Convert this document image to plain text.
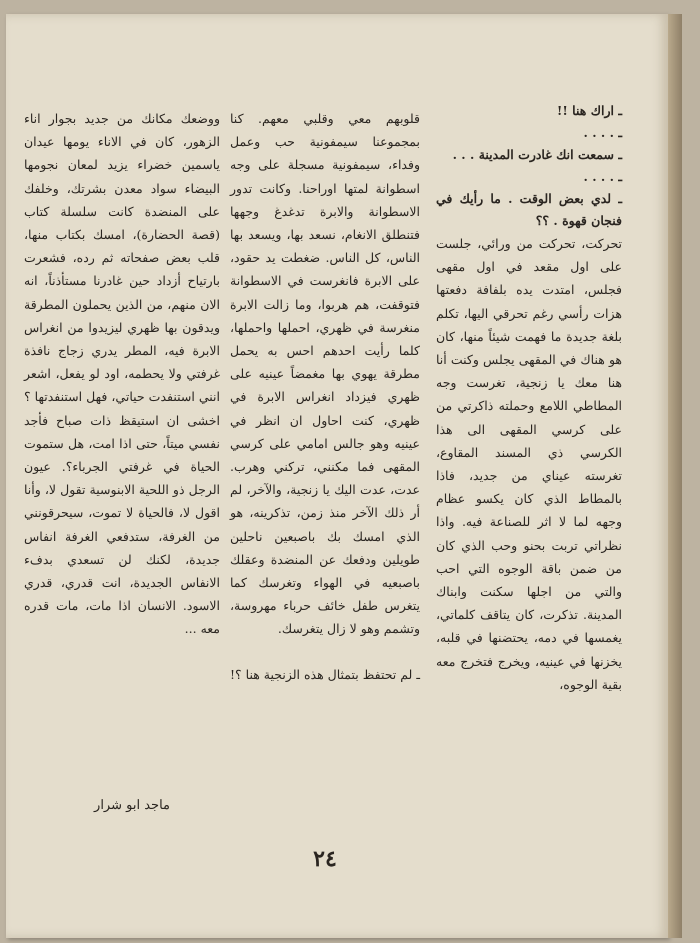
ـ اراك هنا !!

ـ . . . .

ـ سمعت انك غادرت المدينة . . .

ـ . . . .

ـ لدي بعض الوقت . ما رأيك في فنجان قهوة . ؟؟

تحركت، تحركت من ورائي، جلست على اول مقعد في اول مقهى فجلس، امتدت يده بلفافة دفعتها هزات رأسي رغم تحرقي اليها، تكلم بلغة جديدة ما فهمت شيئاً منها، كان هو هناك في المقهى يجلس وكنت أنا هنا معك يا زنجية، تغرست وجه المطاطي اللامع وحملته ذاكرتي من على كرسي المقهى الى هذا الكرسي ذي المسند المقاوع، تغرسته عيناي من جديد، فاذا بالمطاط الذي كان يكسو عظام وجهه لما لا اثر للصناعة فيه. واذا نظراتي تربت بحنو وحب الذي كان من ضمن باقة الوجوه التي احب والتي من اجلها سكنت وابناك المدينة. تذكرت، كان يتاقف كلماتي، يغمسها في دمه، يحتضنها في قلبه، يخزنها في عينيه، ويخرج فتخرج معه بقية الوجوه،

قلوبهم معي وقلبي معهم. كنا بمجموعنا سيمفونية حب وعمل وفداء، سيمفونية مسجلة على وجه اسطوانة لمتها اوراحنا. وكانت تدور الاسطوانة والابرة تدغدغ وجهها فتنطلق الانغام، نسعد بها، ويسعد بها الناس، كل الناس. ضغطت يد حقود، على الابرة فانغرست في الاسطوانة فتوقفت، هم هربوا، وما زالت الابرة منغرسة في ظهري، احملها واحملها، كلما رأيت احدهم احس به يحمل مطرقة يهوي بها مغمضاً عينيه على ظهري فيزداد انغراس الابرة في ظهري، كنت احاول ان انظر في عينيه وهو جالس امامي على كرسي المقهى فما مكنني، تركني وهرب. عدت، عدت اليك يا زنجية، والآخر، لم أر ذلك الآخر منذ زمن، تذكرينه، هو الذي امسك بك باصبعين ناحلين طويلين ودفعك عن المنضدة وعقلك باصبعيه في الهواء وتغرسك كما يتغرس طفل خائف حرباء مهروسة، وتشمم وهو لا زال يتغرسك.

ـ لم تحتفظ بتمثال هذه الزنجية هنا ؟!

ووضعك مكانك من جديد بجوار اناء الزهور، كان في الاناء يومها عيدان ياسمين خضراء يزيد لمعان نجومها البيضاء سواد معدن بشرتك، وخلفك على المنضدة كانت سلسلة كتاب (قصة الحضارة)، امسك بكتاب منها، قلب بعض صفحاته ثم رده، فشعرت بارتياح أزداد حين غادرنا مستأذناً، انه الان منهم، من الذين يحملون المطرقة ويدقون بها ظهري ليزيدوا من انغراس الابرة فيه، المطر يدري زجاج نافذة غرفتي ولا يحطمه، اود لو يفعل، اشعر انني استنفدت حياتي، فهل استنفدتها ؟ اخشى ان استيقظ ذات صباح فأجد نفسي ميتاً، حتى اذا امت، هل ستموت الحياة في غرفتي الجرباء؟. عيون الرجل ذو اللحية الابنوسية تقول لا، وأنا اقول لا، فالحياة لا تموت، سيحرقونني من الغرفة، ستدفعي الغرفة انفاس جديدة، لكنك لن تسعدي بدفء الانفاس الجديدة، انت قدري، قدري الاسود. الانسان اذا مات، مات قدره معه ...

ماجد ابو شرار
٢٤
